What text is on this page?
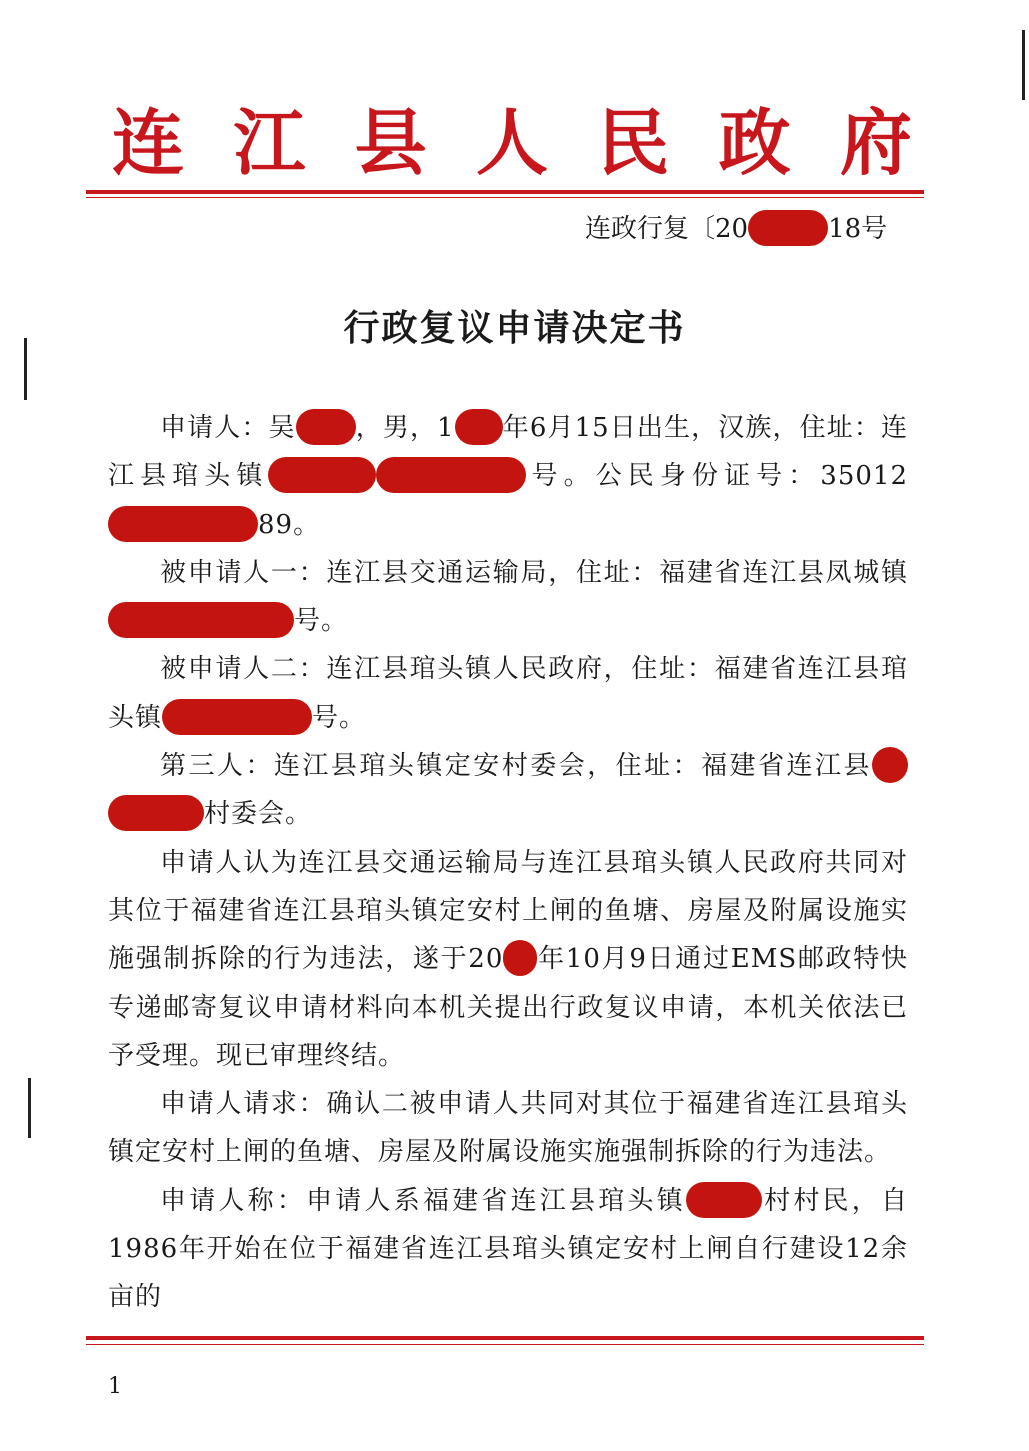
连 江 县 人 民 政 府
连政行复〔20	18号
行政复议申请决定书

申请人：吴 ，男，1 年6月15日出生，汉族，住址：连江县琯头镇	号。公民身份证号：3501289。

被申请人一：连江县交通运输局，住址：福建省连江县凤城镇号。

被申请人二：连江县琯头镇人民政府，住址：福建省连江县琯头镇	号。

第三人：连江县琯头镇定安村委会，住址：福建省连江县村委会。

申请人认为连江县交通运输局与连江县琯头镇人民政府共同对其位于福建省连江县琯头镇定安村上闸的鱼塘、房屋及附属设施实施强制拆除的行为违法，遂于20 年10月9日通过EMS邮政特快专递邮寄复议申请材料向本机关提出行政复议申请，本机关依法已予受理。现已审理终结。

申请人请求：确认二被申请人共同对其位于福建省连江县琯头镇定安村上闸的鱼塘、房屋及附属设施实施强制拆除的行为违法。

申请人称：申请人系福建省连江县琯头镇	村村民，自1986年开始在位于福建省连江县琯头镇定安村上闸自行建设12余亩的

1
